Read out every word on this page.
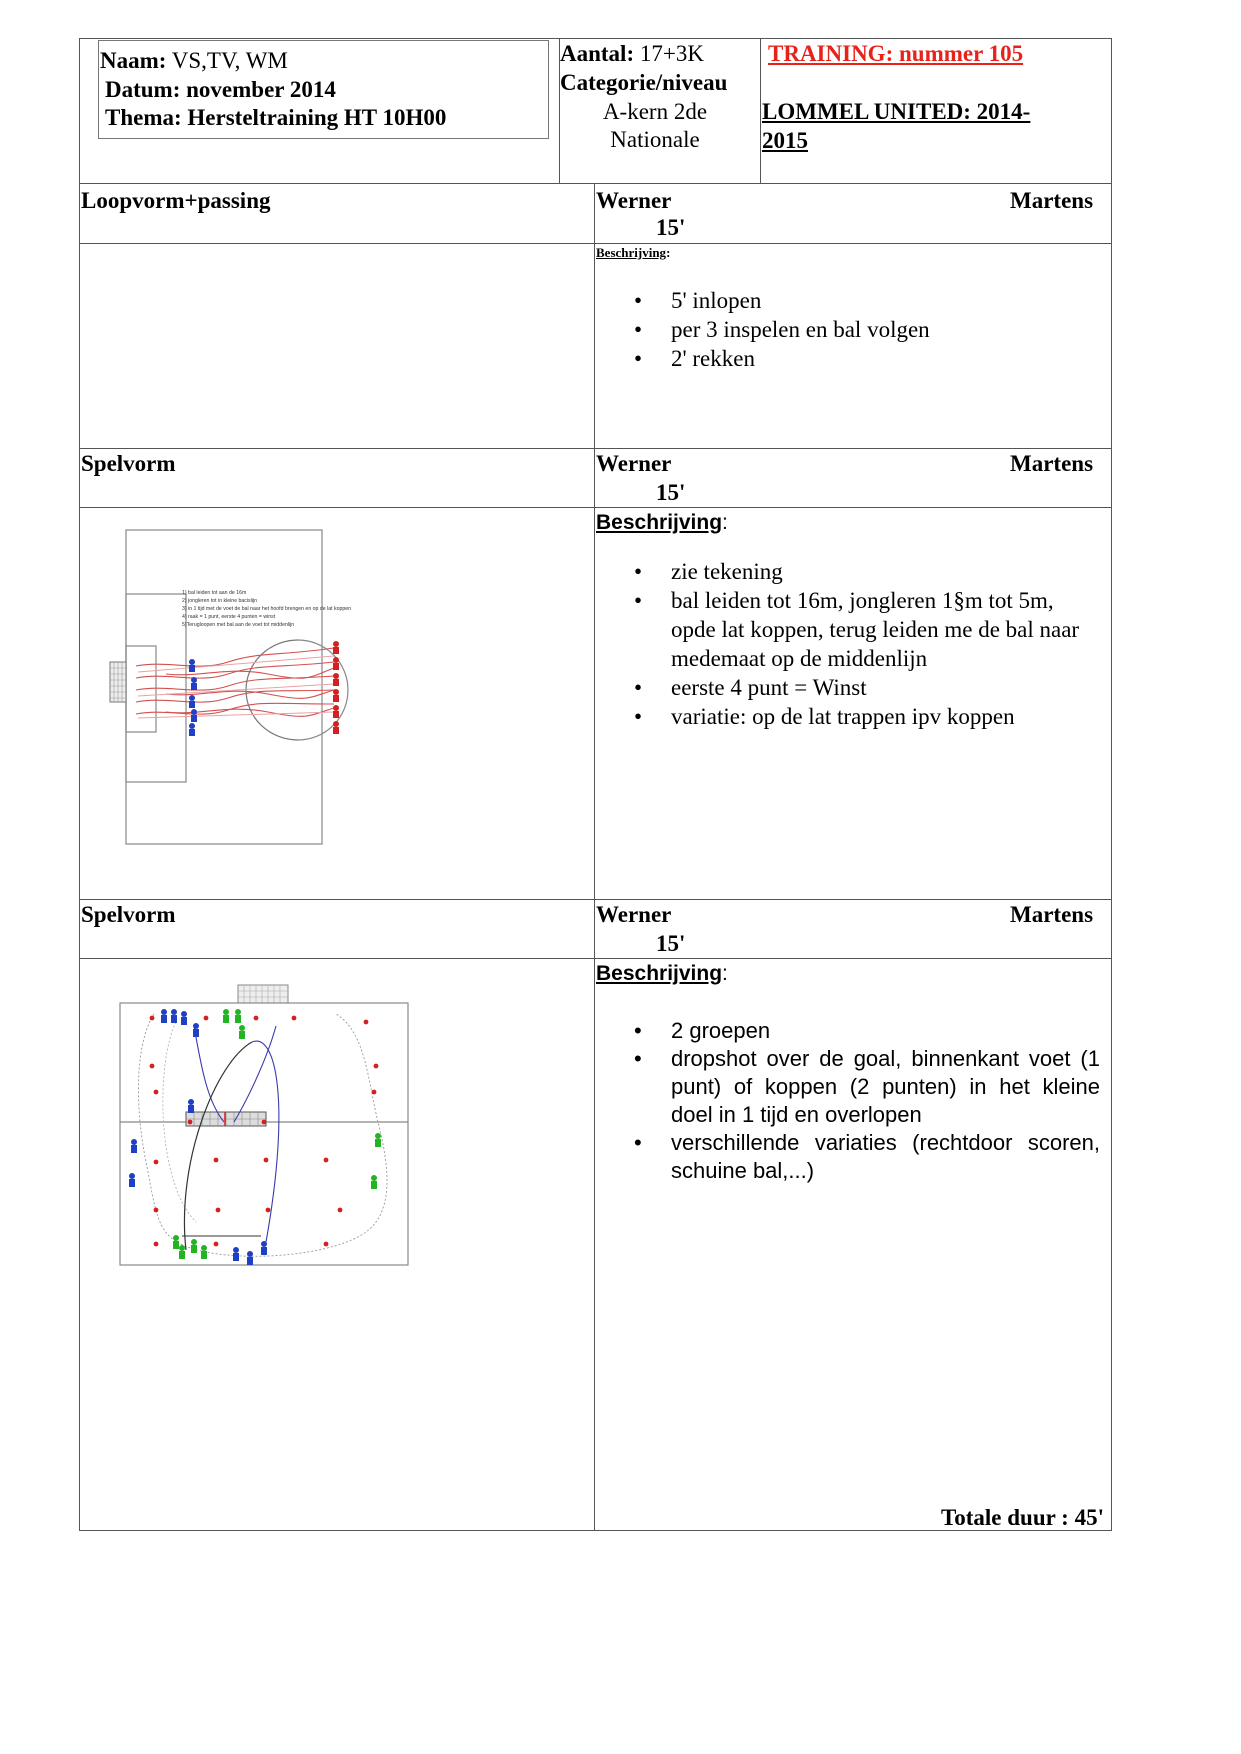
Naam: VS,TV, WM
Datum: november 2014
Thema: Hersteltraining HT 10H00
Aantal: 17+3K
Categorie/niveau
A-kern 2de
Nationale
TRAINING: nummer 105
LOMMEL UNITED: 2014-
2015
Loopvorm+passing	Werner	Martens
15'
Beschrijving:
• 5' inlopen
• per 3 inspelen en bal volgen
• 2' rekken
Spelvorm	Werner	Martens
15'
Beschrijving:
• zie tekening
• bal leiden tot 16m, jongleren 1§m tot 5m, opde lat koppen, terug leiden me de bal naar medemaat op de middenlijn
• eerste 4 punt = Winst
• variatie: op de lat trappen ipv koppen
1) bal leiden tot aan de 16m
2) jongleren tot in kleine bacislijn
3) in 1 tijd met de voet de bal naar het hoofd brengen en op de lat koppen
4) raak = 1 punt, eerste 4 punten = winst
5)Terugloopen met bal aan de voet tot middenlijn
Spelvorm	Werner	Martens
15'
Beschrijving:
• 2 groepen
• dropshot over de goal, binnenkant voet (1 punt) of koppen (2 punten) in het kleine doel in 1 tijd en overlopen
• verschillende variaties (rechtdoor scoren, schuine bal,...)
Totale duur : 45'
